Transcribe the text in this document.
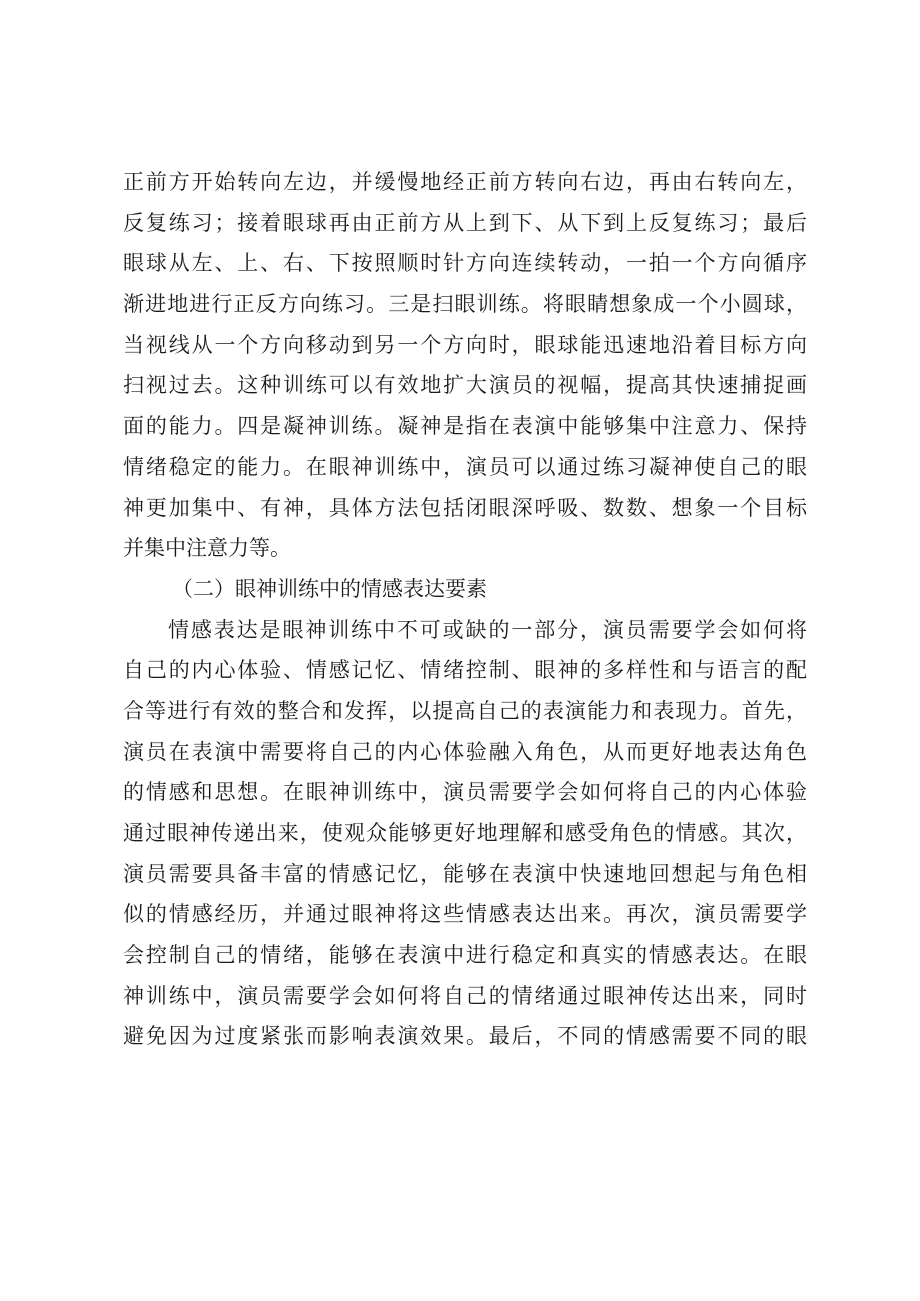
正前方开始转向左边，并缓慢地经正前方转向右边，再由右转向左，
反复练习；接着眼球再由正前方从上到下、从下到上反复练习；最后
眼球从左、上、右、下按照顺时针方向连续转动，一拍一个方向循序
渐进地进行正反方向练习。三是扫眼训练。将眼睛想象成一个小圆球，
当视线从一个方向移动到另一个方向时，眼球能迅速地沿着目标方向
扫视过去。这种训练可以有效地扩大演员的视幅，提高其快速捕捉画
面的能力。四是凝神训练。凝神是指在表演中能够集中注意力、保持
情绪稳定的能力。在眼神训练中，演员可以通过练习凝神使自己的眼
神更加集中、有神，具体方法包括闭眼深呼吸、数数、想象一个目标
并集中注意力等。
（二）眼神训练中的情感表达要素
情感表达是眼神训练中不可或缺的一部分，演员需要学会如何将
自己的内心体验、情感记忆、情绪控制、眼神的多样性和与语言的配
合等进行有效的整合和发挥，以提高自己的表演能力和表现力。首先，
演员在表演中需要将自己的内心体验融入角色，从而更好地表达角色
的情感和思想。在眼神训练中，演员需要学会如何将自己的内心体验
通过眼神传递出来，使观众能够更好地理解和感受角色的情感。其次，
演员需要具备丰富的情感记忆，能够在表演中快速地回想起与角色相
似的情感经历，并通过眼神将这些情感表达出来。再次，演员需要学
会控制自己的情绪，能够在表演中进行稳定和真实的情感表达。在眼
神训练中，演员需要学会如何将自己的情绪通过眼神传达出来，同时
避免因为过度紧张而影响表演效果。最后，不同的情感需要不同的眼
